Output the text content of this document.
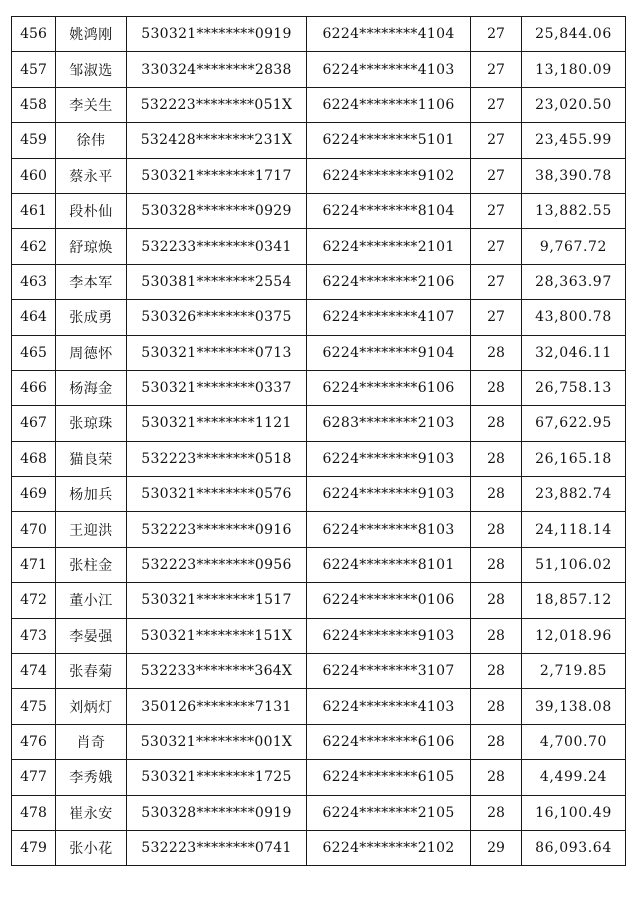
456	姚鸿刚	530321********0919	6224********4104	27	25,844.06
457	邹淑选	330324********2838	6224********4103	27	13,180.09
458	李关生	532223********051X	6224********1106	27	23,020.50
459	徐伟	532428********231X	6224********5101	27	23,455.99
460	蔡永平	530321********1717	6224********9102	27	38,390.78
461	段朴仙	530328********0929	6224********8104	27	13,882.55
462	舒琼焕	532233********0341	6224********2101	27	9,767.72
463	李本军	530381********2554	6224********2106	27	28,363.97
464	张成勇	530326********0375	6224********4107	27	43,800.78
465	周德怀	530321********0713	6224********9104	28	32,046.11
466	杨海金	530321********0337	6224********6106	28	26,758.13
467	张琼珠	530321********1121	6283********2103	28	67,622.95
468	猫良荣	532223********0518	6224********9103	28	26,165.18
469	杨加兵	530321********0576	6224********9103	28	23,882.74
470	王迎洪	532223********0916	6224********8103	28	24,118.14
471	张柱金	532223********0956	6224********8101	28	51,106.02
472	董小江	530321********1517	6224********0106	28	18,857.12
473	李晏强	530321********151X	6224********9103	28	12,018.96
474	张春菊	532233********364X	6224********3107	28	2,719.85
475	刘炳灯	350126********7131	6224********4103	28	39,138.08
476	肖奇	530321********001X	6224********6106	28	4,700.70
477	李秀娥	530321********1725	6224********6105	28	4,499.24
478	崔永安	530328********0919	6224********2105	28	16,100.49
479	张小花	532223********0741	6224********2102	29	86,093.64
